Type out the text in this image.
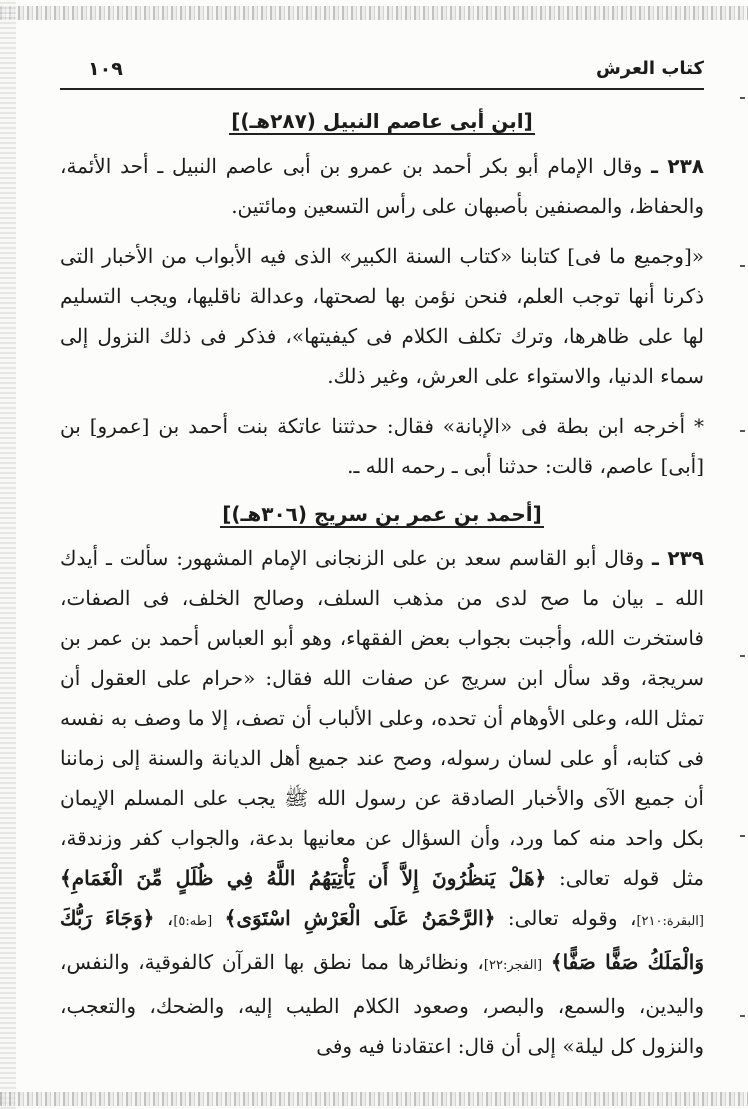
١٠٩	كتاب العرش
[ابن أبى عاصم النبيل (٢٨٧هـ)]

٢٣٨ ـ وقال الإمام أبو بكر أحمد بن عمرو بن أبى عاصم النبيل ـ أحد الأئمة، والحفاظ، والمصنفين بأصبهان على رأس التسعين ومائتين.

«[وجميع ما فى] كتابنا «كتاب السنة الكبير» الذى فيه الأبواب من الأخبار التى ذكرنا أنها توجب العلم، فنحن نؤمن بها لصحتها، وعدالة ناقليها، ويجب التسليم لها على ظاهرها، وترك تكلف الكلام فى كيفيتها»، فذكر فى ذلك النزول إلى سماء الدنيا، والاستواء على العرش، وغير ذلك.

* أخرجه ابن بطة فى «الإبانة» فقال: حدثتنا عاتكة بنت أحمد بن [عمرو] بن [أبى] عاصم، قالت: حدثنا أبى ـ رحمه الله ـ.

[أحمد بن عمر بن سريج (٣٠٦هـ)]

٢٣٩ ـ وقال أبو القاسم سعد بن على الزنجانى الإمام المشهور: سألت ـ أيدك الله ـ بيان ما صح لدى من مذهب السلف، وصالح الخلف، فى الصفات، فاستخرت الله، وأجبت بجواب بعض الفقهاء، وهو أبو العباس أحمد بن عمر بن سريجة، وقد سأل ابن سريج عن صفات الله فقال: «حرام على العقول أن تمثل الله، وعلى الأوهام أن تحده، وعلى الألباب أن تصف، إلا ما وصف به نفسه فى كتابه، أو على لسان رسوله، وصح عند جميع أهل الديانة والسنة إلى زماننا أن جميع الآى والأخبار الصادقة عن رسول الله ﷺ يجب على المسلم الإيمان بكل واحد منه كما ورد، وأن السؤال عن معانيها بدعة، والجواب كفر وزندقة، مثل قوله تعالى: ﴿هَلْ يَنظُرُونَ إِلاَّ أَن يَأْتِيَهُمُ اللَّهُ فِي ظُلَلٍ مِّنَ الْغَمَامِ﴾ [البقرة:٢١٠]، وقوله تعالى: ﴿الرَّحْمَنُ عَلَى الْعَرْشِ اسْتَوَى﴾ [طه:٥]، ﴿وَجَاءَ رَبُّكَ وَالْمَلَكُ صَفًّا صَفًّا﴾ [الفجر:٢٢]، ونظائرها مما نطق بها القرآن كالفوقية، والنفس، واليدين، والسمع، والبصر، وصعود الكلام الطيب إليه، والضحك، والتعجب، والنزول كل ليلة» إلى أن قال: اعتقادنا فيه وفى
